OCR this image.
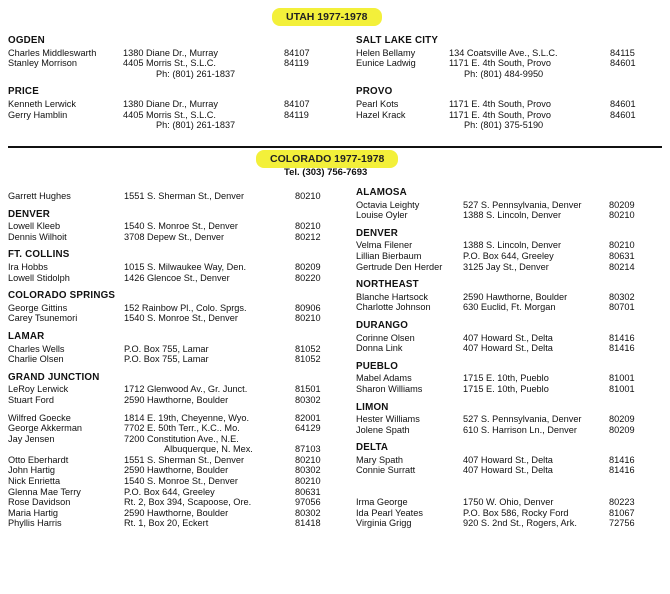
UTAH 1977-1978
OGDEN
Charles Middleswarth	1380 Diane Dr., Murray	84107
Stanley Morrison	4405 Morris St., S.L.C.	84119
Ph: (801) 261-1837
PRICE
Kenneth Lerwick	1380 Diane Dr., Murray	84107
Gerry Hamblin	4405 Morris St., S.L.C.	84119
Ph: (801) 261-1837
SALT LAKE CITY
Helen Bellamy	134 Coatsville Ave., S.L.C.	84115
Eunice Ladwig	1171 E. 4th South, Provo	84601
Ph: (801) 484-9950
PROVO
Pearl Kots	1171 E. 4th South, Provo	84601
Hazel Krack	1171 E. 4th South, Provo	84601
Ph: (801) 375-5190
COLORADO 1977-1978
Tel. (303) 756-7693
Garrett Hughes	1551 S. Sherman St., Denver	80210
DENVER
Lowell Kleeb	1540 S. Monroe St., Denver	80210
Dennis Wilhoit	3708 Depew St., Denver	80212
FT. COLLINS
Ira Hobbs	1015 S. Milwaukee Way, Den.	80209
Lowell Stidolph	1426 Glencoe St., Denver	80220
COLORADO SPRINGS
George Gittins	152 Rainbow Pl., Colo. Sprgs.	80906
Carey Tsunemori	1540 S. Monroe St., Denver	80210
LAMAR
Charles Wells	P.O. Box 755, Lamar	81052
Charlie Olsen	P.O. Box 755, Lamar	81052
GRAND JUNCTION
LeRoy Lerwick	1712 Glenwood Av., Gr. Junct.	81501
Stuart Ford	2590 Hawthorne, Boulder	80302
Wilfred Goecke	1814 E. 19th, Cheyenne, Wyo.	82001
George Akkerman	7702 E. 50th Terr., K.C.. Mo.	64129
Jay Jensen	7200 Constitution Ave., N.E.
Albuquerque, N. Mex.	87103
Otto Eberhardt	1551 S. Sherman St., Denver	80210
John Hartig	2590 Hawthorne, Boulder	80302
Nick Enrietta	1540 S. Monroe St., Denver	80210
Glenna Mae Terry	P.O. Box 644, Greeley	80631
Rose Davidson	Rt. 2, Box 394, Scapoose, Ore.	97056
Maria Hartig	2590 Hawthorne, Boulder	80302
Phyllis Harris	Rt. 1, Box 20, Eckert	81418
ALAMOSA
Octavia Leighty	527 S. Pennsylvania, Denver	80209
Louise Oyler	1388 S. Lincoln, Denver	80210
DENVER
Velma Filener	1388 S. Lincoln, Denver	80210
Lillian Bierbaum	P.O. Box 644, Greeley	80631
Gertrude Den Herder 3125 Jay St., Denver	80214
NORTHEAST
Blanche Hartsock	2590 Hawthorne, Boulder	80302
Charlotte Johnson	630 Euclid, Ft. Morgan	80701
DURANGO
Corinne Olsen	407 Howard St., Delta	81416
Donna Link	407 Howard St., Delta	81416
PUEBLO
Mabel Adams	1715 E. 10th, Pueblo	81001
Sharon Williams	1715 E. 10th, Pueblo	81001
LIMON
Hester Williams	527 S. Pennsylvania, Denver	80209
Jolene Spath	610 S. Harrison Ln., Denver	80209
DELTA
Mary Spath	407 Howard St., Delta	81416
Connie Surratt	407 Howard St., Delta	81416
Irma George	1750 W. Ohio, Denver	80223
Ida Pearl Yeates	P.O. Box 586, Rocky Ford	81067
Virginia Grigg	920 S. 2nd St., Rogers, Ark.	72756
